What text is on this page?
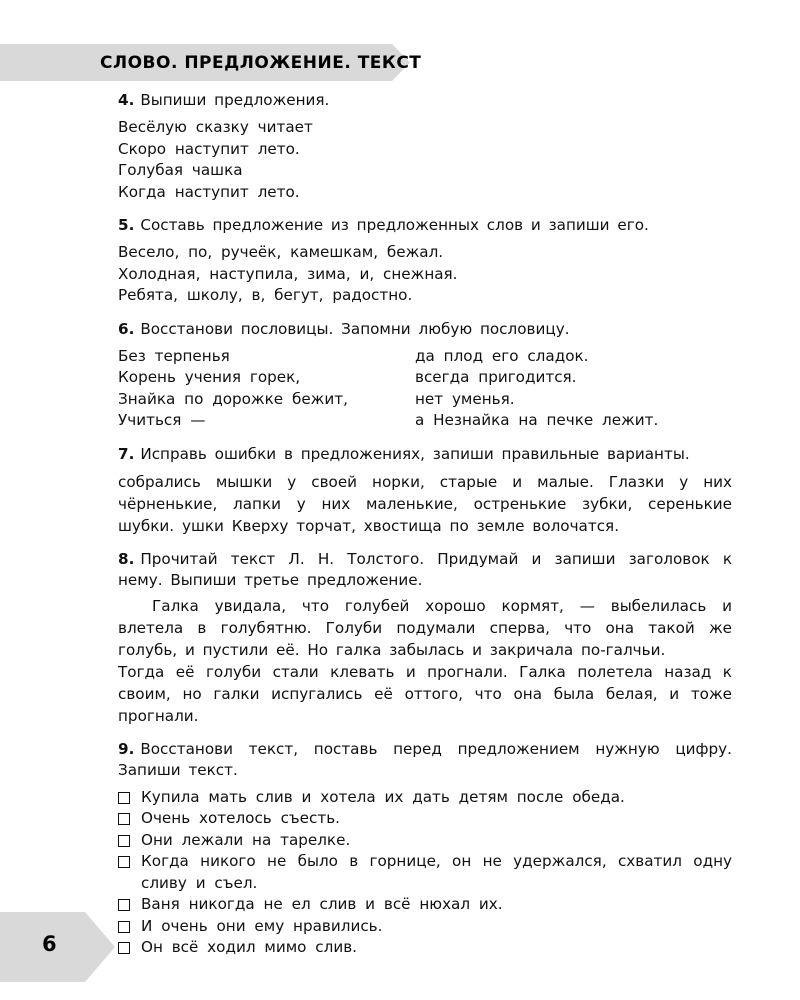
СЛОВО. ПРЕДЛОЖЕНИЕ. ТЕКСТ
4. Выпиши предложения.
Весёлую сказку читает
Скоро наступит лето.
Голубая чашка
Когда наступит лето.
5. Составь предложение из предложенных слов и запиши его.
Весело, по, ручеёк, камешкам, бежал.
Холодная, наступила, зима, и, снежная.
Ребята, школу, в, бегут, радостно.
6. Восстанови пословицы. Запомни любую пословицу.
Без терпенья	да плод его сладок.
Корень учения горек,	всегда пригодится.
Знайка по дорожке бежит,	нет уменья.
Учиться —	а Незнайка на печке лежит.
7. Исправь ошибки в предложениях, запиши правильные варианты.
собрались мышки у своей норки, старые и малые. Глазки у них чёрненькие, лапки у них маленькие, остренькие зубки, серенькие шубки. ушки Кверху торчат, хвостища по земле волочатся.
8. Прочитай текст Л. Н. Толстого. Придумай и запиши заголовок к нему. Выпиши третье предложение.
Галка увидала, что голубей хорошо кормят, — выбелилась и влетела в голубятню. Голуби подумали сперва, что она такой же голубь, и пустили её. Но галка забылась и закричала по-галчьи.
Тогда её голуби стали клевать и прогнали. Галка полетела назад к своим, но галки испугались её оттого, что она была белая, и тоже прогнали.
9. Восстанови текст, поставь перед предложением нужную цифру. Запиши текст.
Купила мать слив и хотела их дать детям после обеда.
Очень хотелось съесть.
Они лежали на тарелке.
Когда никого не было в горнице, он не удержался, схватил одну сливу и съел.
Ваня никогда не ел слив и всё нюхал их.
И очень они ему нравились.
Он всё ходил мимо слив.
6
